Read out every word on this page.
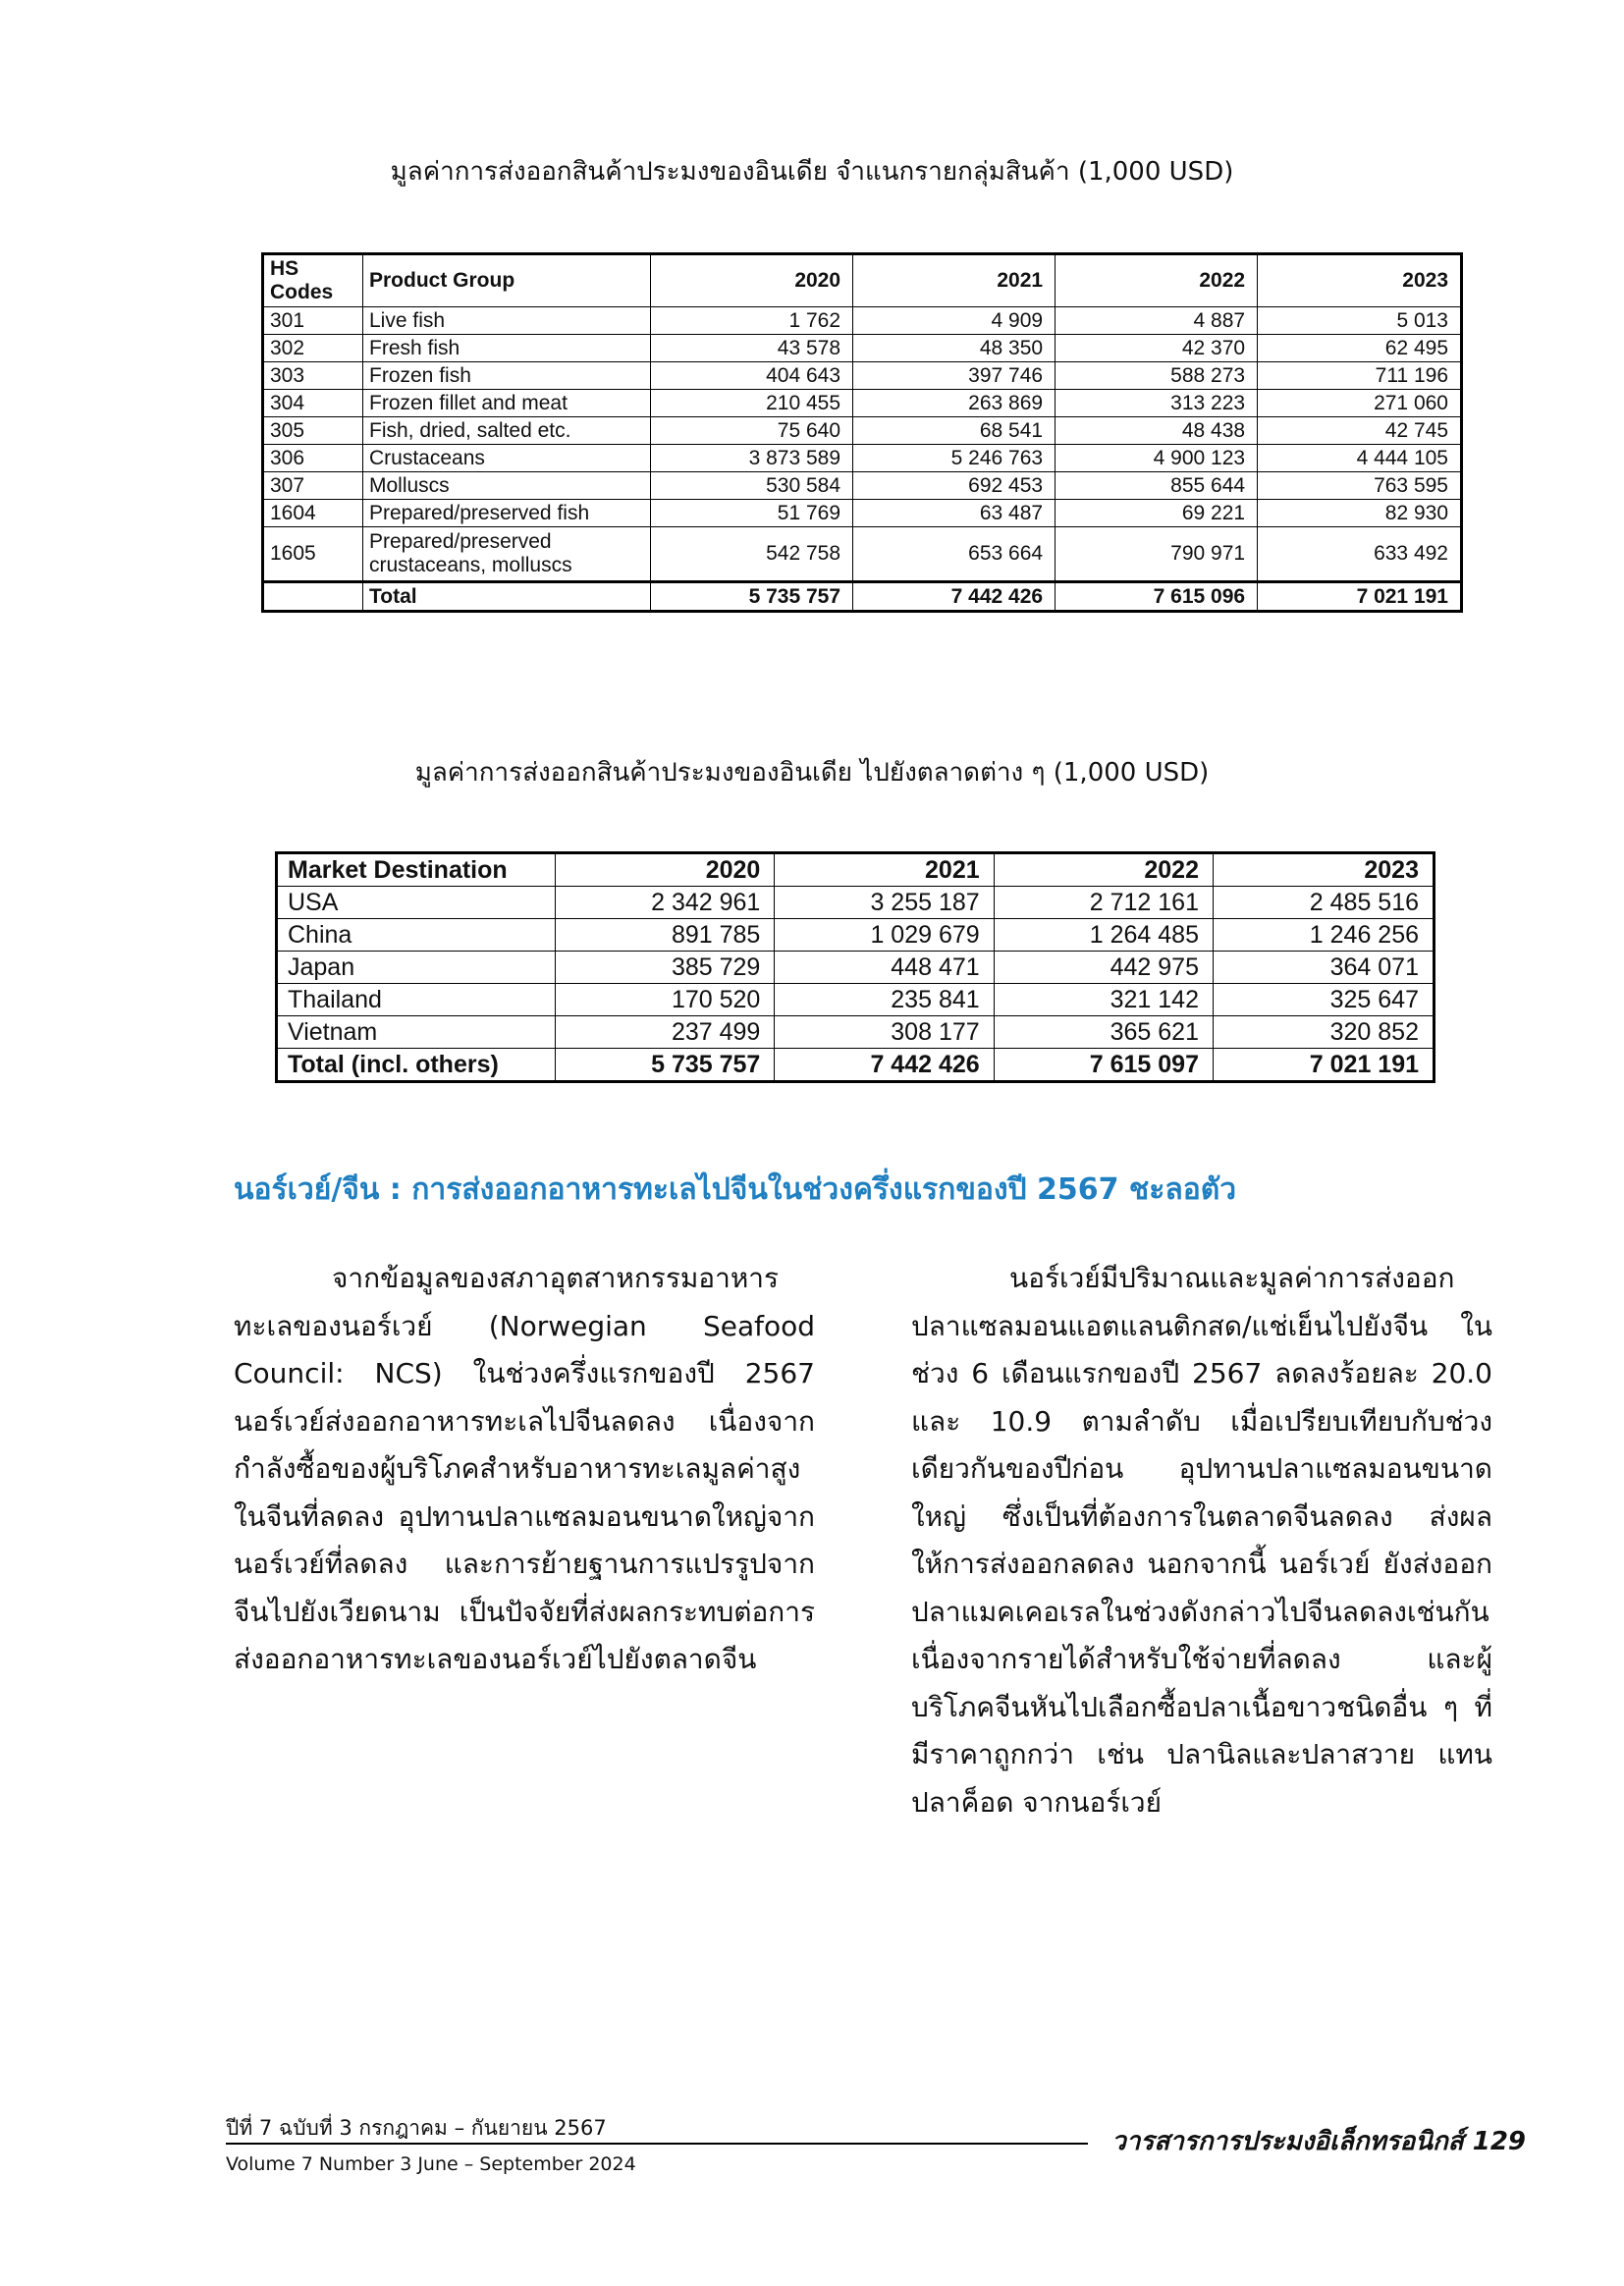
มูลค่าการส่งออกสินค้าประมงของอินเดีย จำแนกรายกลุ่มสินค้า (1,000 USD)
HS Codes	Product Group	2020	2021	2022	2023
301	Live fish	1 762	4 909	4 887	5 013
302	Fresh fish	43 578	48 350	42 370	62 495
303	Frozen fish	404 643	397 746	588 273	711 196
304	Frozen fillet and meat	210 455	263 869	313 223	271 060
305	Fish, dried, salted etc.	75 640	68 541	48 438	42 745
306	Crustaceans	3 873 589	5 246 763	4 900 123	4 444 105
307	Molluscs	530 584	692 453	855 644	763 595
1604	Prepared/preserved fish	51 769	63 487	69 221	82 930
1605	Prepared/preserved crustaceans, molluscs	542 758	653 664	790 971	633 492
	Total	5 735 757	7 442 426	7 615 096	7 021 191
มูลค่าการส่งออกสินค้าประมงของอินเดีย ไปยังตลาดต่าง ๆ (1,000 USD)
Market Destination	2020	2021	2022	2023
USA	2 342 961	3 255 187	2 712 161	2 485 516
China	891 785	1 029 679	1 264 485	1 246 256
Japan	385 729	448 471	442 975	364 071
Thailand	170 520	235 841	321 142	325 647
Vietnam	237 499	308 177	365 621	320 852
Total (incl. others)	5 735 757	7 442 426	7 615 097	7 021 191
นอร์เวย์/จีน : การส่งออกอาหารทะเลไปจีนในช่วงครึ่งแรกของปี 2567 ชะลอตัว
จากข้อมูลของสภาอุตสาหกรรมอาหารทะเลของนอร์เวย์ (Norwegian Seafood Council: NCS) ในช่วงครึ่งแรกของปี 2567 นอร์เวย์ส่งออกอาหารทะเลไปจีนลดลง เนื่องจากกำลังซื้อของผู้บริโภคสำหรับอาหารทะเลมูลค่าสูงในจีนที่ลดลง อุปทานปลาแซลมอนขนาดใหญ่จากนอร์เวย์ที่ลดลง และการย้ายฐานการแปรรูปจากจีนไปยังเวียดนาม เป็นปัจจัยที่ส่งผลกระทบต่อการส่งออกอาหารทะเลของนอร์เวย์ไปยังตลาดจีน
นอร์เวย์มีปริมาณและมูลค่าการส่งออกปลาแซลมอนแอตแลนติกสด/แช่เย็นไปยังจีน ในช่วง 6 เดือนแรกของปี 2567 ลดลงร้อยละ 20.0 และ 10.9 ตามลำดับ เมื่อเปรียบเทียบกับช่วงเดียวกันของปีก่อน อุปทานปลาแซลมอนขนาดใหญ่ ซึ่งเป็นที่ต้องการในตลาดจีนลดลง ส่งผลให้การส่งออกลดลง นอกจากนี้ นอร์เวย์ ยังส่งออกปลาแมคเคอเรลในช่วงดังกล่าวไปจีนลดลงเช่นกัน เนื่องจากรายได้สำหรับใช้จ่ายที่ลดลง และผู้บริโภคจีนหันไปเลือกซื้อปลาเนื้อขาวชนิดอื่น ๆ ที่มีราคาถูกกว่า เช่น ปลานิลและปลาสวาย แทนปลาค็อด จากนอร์เวย์
ปีที่ 7 ฉบับที่ 3 กรกฎาคม – กันยายน 2567
Volume 7 Number 3 June – September 2024
วารสารการประมงอิเล็กทรอนิกส์ 129
